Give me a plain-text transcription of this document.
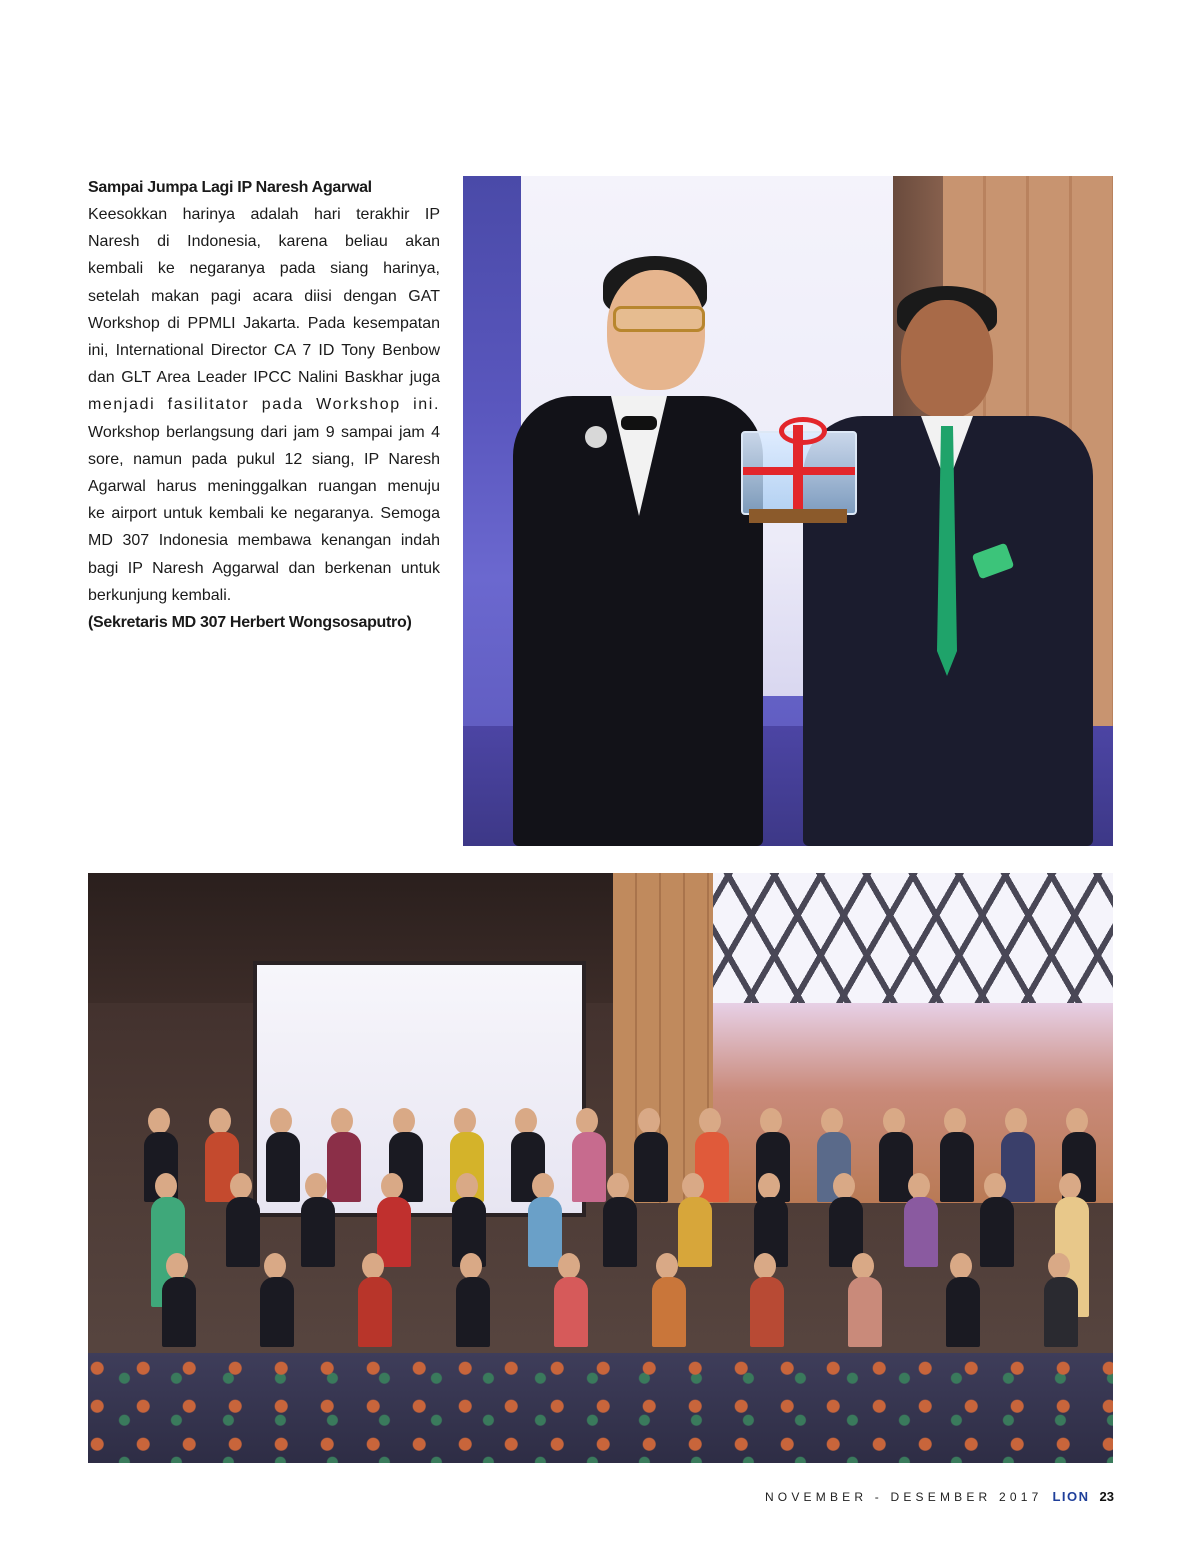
Sampai Jumpa Lagi IP Naresh Agarwal

Keesokkan harinya adalah hari terakhir IP
Naresh di Indonesia, karena beliau akan
kembali ke negaranya pada siang harinya,
setelah makan pagi acara diisi dengan GAT
Workshop di PPMLI Jakarta. Pada kesempatan
ini, International Director CA 7 ID Tony Benbow
dan GLT Area Leader IPCC Nalini Baskhar juga
menjadi fasilitator pada Workshop ini.
Workshop berlangsung dari jam 9 sampai jam 4
sore, namun pada pukul 12 siang, IP Naresh
Agarwal harus meninggalkan ruangan menuju
ke airport untuk kembali ke negaranya. Semoga
MD 307 Indonesia membawa kenangan indah
bagi IP Naresh Aggarwal dan berkenan untuk
berkunjung kembali.

(Sekretaris MD 307 Herbert Wongsosaputro)

NOVEMBER - DESEMBER 2017 LION 23
